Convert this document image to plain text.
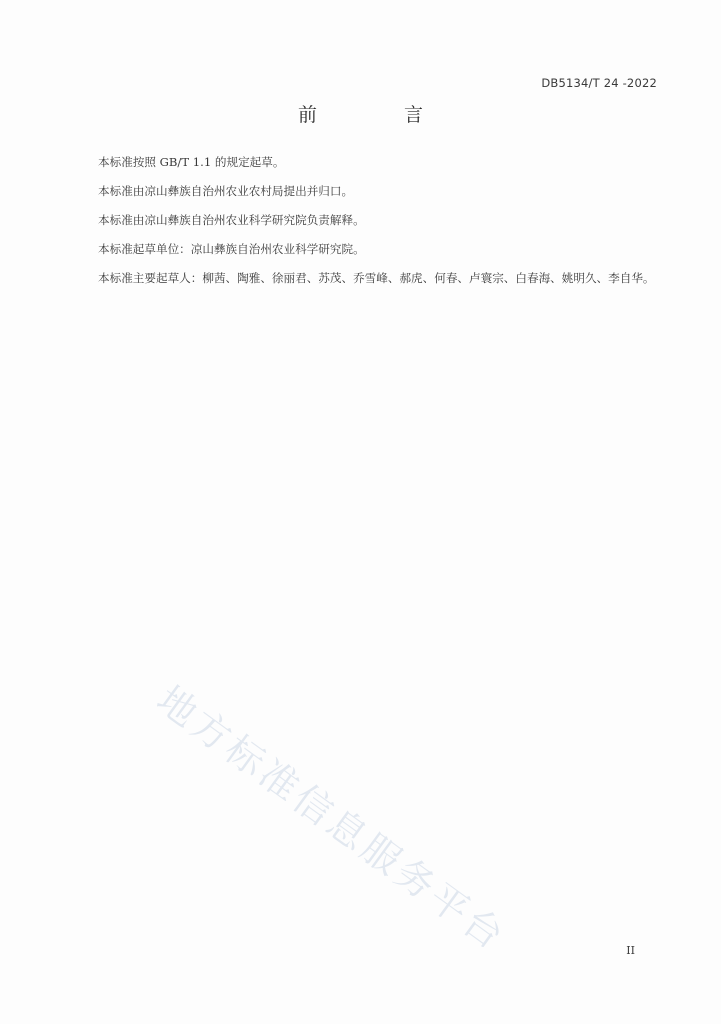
DB5134/T 24 -2022
前　言

本标准按照 GB/T 1.1 的规定起草。

本标准由凉山彝族自治州农业农村局提出并归口。

本标准由凉山彝族自治州农业科学研究院负责解释。

本标准起草单位：凉山彝族自治州农业科学研究院。

本标准主要起草人：柳茜、陶雅、徐丽君、苏茂、乔雪峰、郝虎、何春、卢寰宗、白春海、姚明久、李自华。

地方标准信息服务平台	II
